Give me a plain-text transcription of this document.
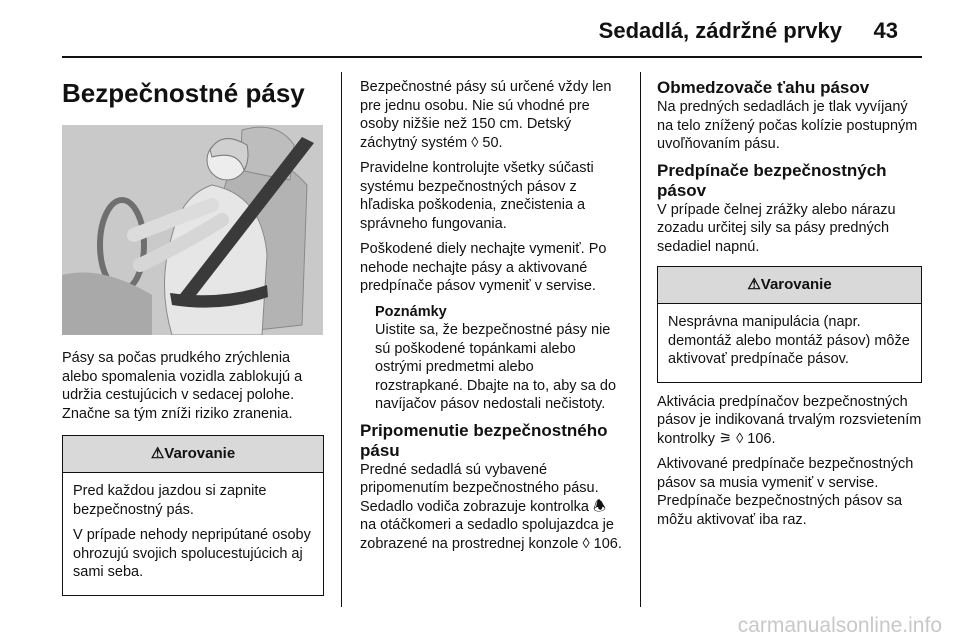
Sedadlá, zádržné prvky 43
Bezpečnostné pásy

Pásy sa počas prudkého zrýchlenia alebo spomalenia vozidla zablokujú a udržia cestujúcich v sedacej polohe. Značne sa tým zníži riziko zranenia.

⚠Varovanie

Pred každou jazdou si zapnite bezpečnostný pás.

V prípade nehody nepripútané osoby ohrozujú svojich spolucestujúcich aj sami seba.

Bezpečnostné pásy sú určené vždy len pre jednu osobu. Nie sú vhodné pre osoby nižšie než 150 cm. Detský záchytný systém ◊ 50.

Pravidelne kontrolujte všetky súčasti systému bezpečnostných pásov z hľadiska poškodenia, znečistenia a správneho fungovania.

Poškodené diely nechajte vymeniť. Po nehode nechajte pásy a aktivované predpínače pásov vymeniť v servise.

Poznámky

Uistite sa, že bezpečnostné pásy nie sú poškodené topánkami alebo ostrými predmetmi alebo rozstrapkané. Dbajte na to, aby sa do navíjačov pásov nedostali nečistoty.

Pripomenutie bezpečnostného pásu

Predné sedadlá sú vybavené pripomenutím bezpečnostného pásu. Sedadlo vodiča zobrazuje kontrolka 🕭 na otáčkomeri a sedadlo spolujazdca je zobrazené na prostrednej konzole ◊ 106.

Obmedzovače ťahu pásov

Na predných sedadlách je tlak vyvíjaný na telo znížený počas kolízie postupným uvoľňovaním pásu.

Predpínače bezpečnostných pásov

V prípade čelnej zrážky alebo nárazu zozadu určitej sily sa pásy predných sedadiel napnú.

⚠Varovanie

Nesprávna manipulácia (napr. demontáž alebo montáž pásov) môže aktivovať predpínače pásov.

Aktivácia predpínačov bezpečnostných pásov je indikovaná trvalým rozsvietením kontrolky ⚞ ◊ 106.

Aktivované predpínače bezpečnostných pásov sa musia vymeniť v servise. Predpínače bezpečnostných pásov sa môžu aktivovať iba raz.

carmanualsonline.info
